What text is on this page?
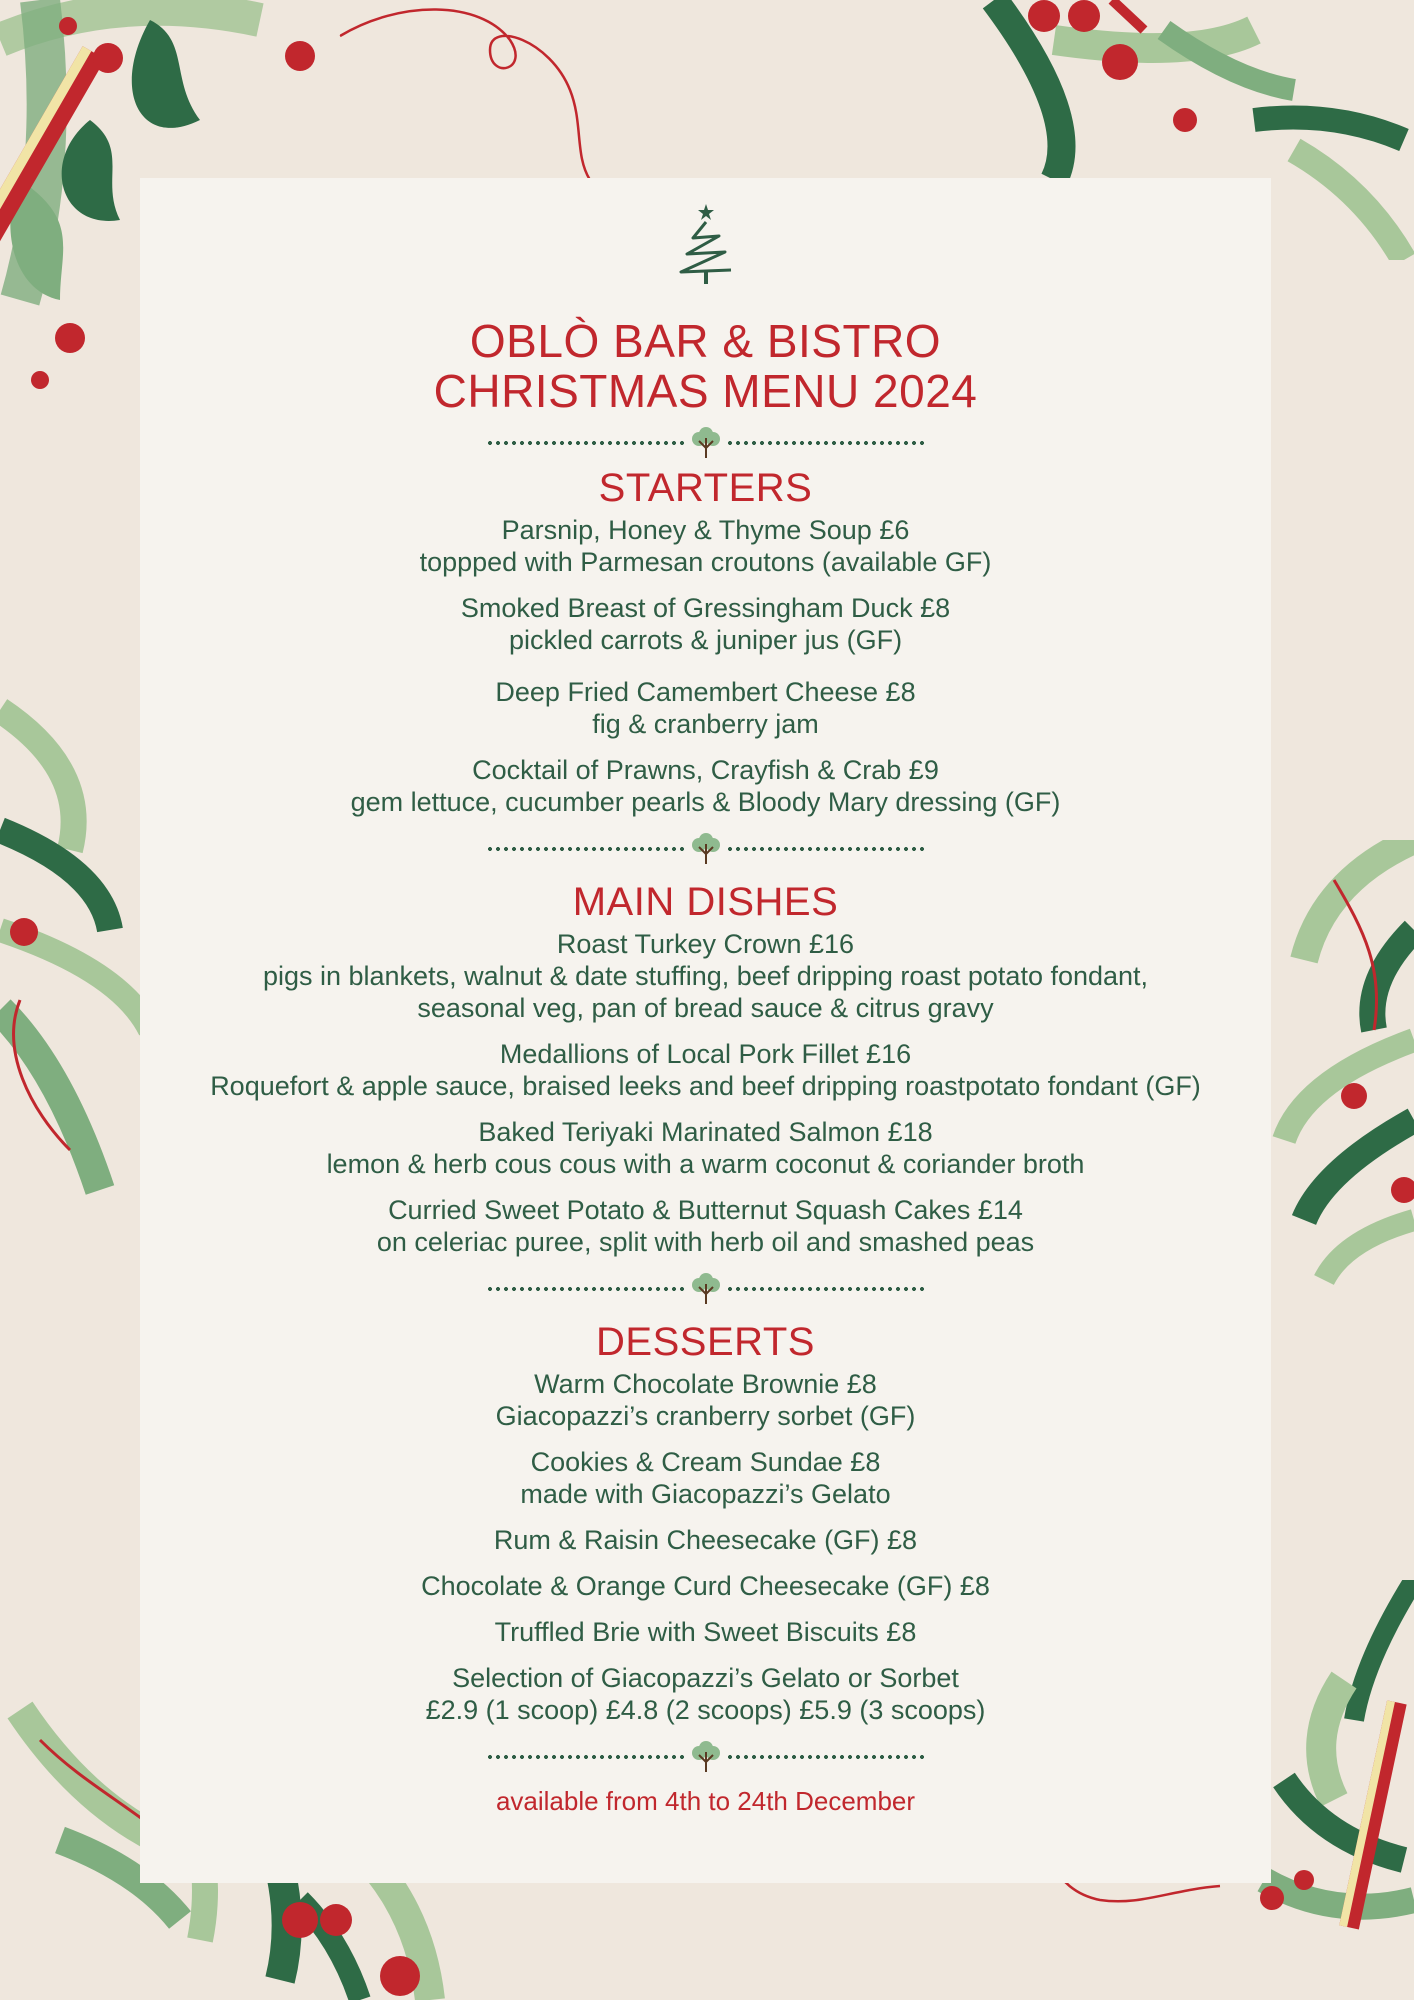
OBLÒ BAR & BISTRO
CHRISTMAS MENU 2024
STARTERS
Parsnip, Honey & Thyme Soup £6
toppped with Parmesan croutons (available GF)
Smoked Breast of Gressingham Duck £8
pickled carrots & juniper jus (GF)
Deep Fried Camembert Cheese £8
fig & cranberry jam
Cocktail of Prawns, Crayfish & Crab £9
gem lettuce, cucumber pearls & Bloody Mary dressing (GF)
MAIN DISHES
Roast Turkey Crown £16
pigs in blankets, walnut & date stuffing, beef dripping roast potato fondant,
seasonal veg, pan of bread sauce & citrus gravy
Medallions of Local Pork Fillet £16
Roquefort & apple sauce, braised leeks and beef dripping roastpotato fondant (GF)
Baked Teriyaki Marinated Salmon £18
lemon & herb cous cous with a warm coconut & coriander broth
Curried Sweet Potato & Butternut Squash Cakes £14
on celeriac puree, split with herb oil and smashed peas
DESSERTS
Warm Chocolate Brownie £8
Giacopazzi’s cranberry sorbet (GF)
Cookies & Cream Sundae £8
made with Giacopazzi’s Gelato
Rum & Raisin Cheesecake (GF) £8
Chocolate & Orange Curd Cheesecake (GF) £8
Truffled Brie with Sweet Biscuits £8
Selection of Giacopazzi’s Gelato or Sorbet
£2.9 (1 scoop) £4.8 (2 scoops) £5.9 (3 scoops)
available from 4th to 24th December
